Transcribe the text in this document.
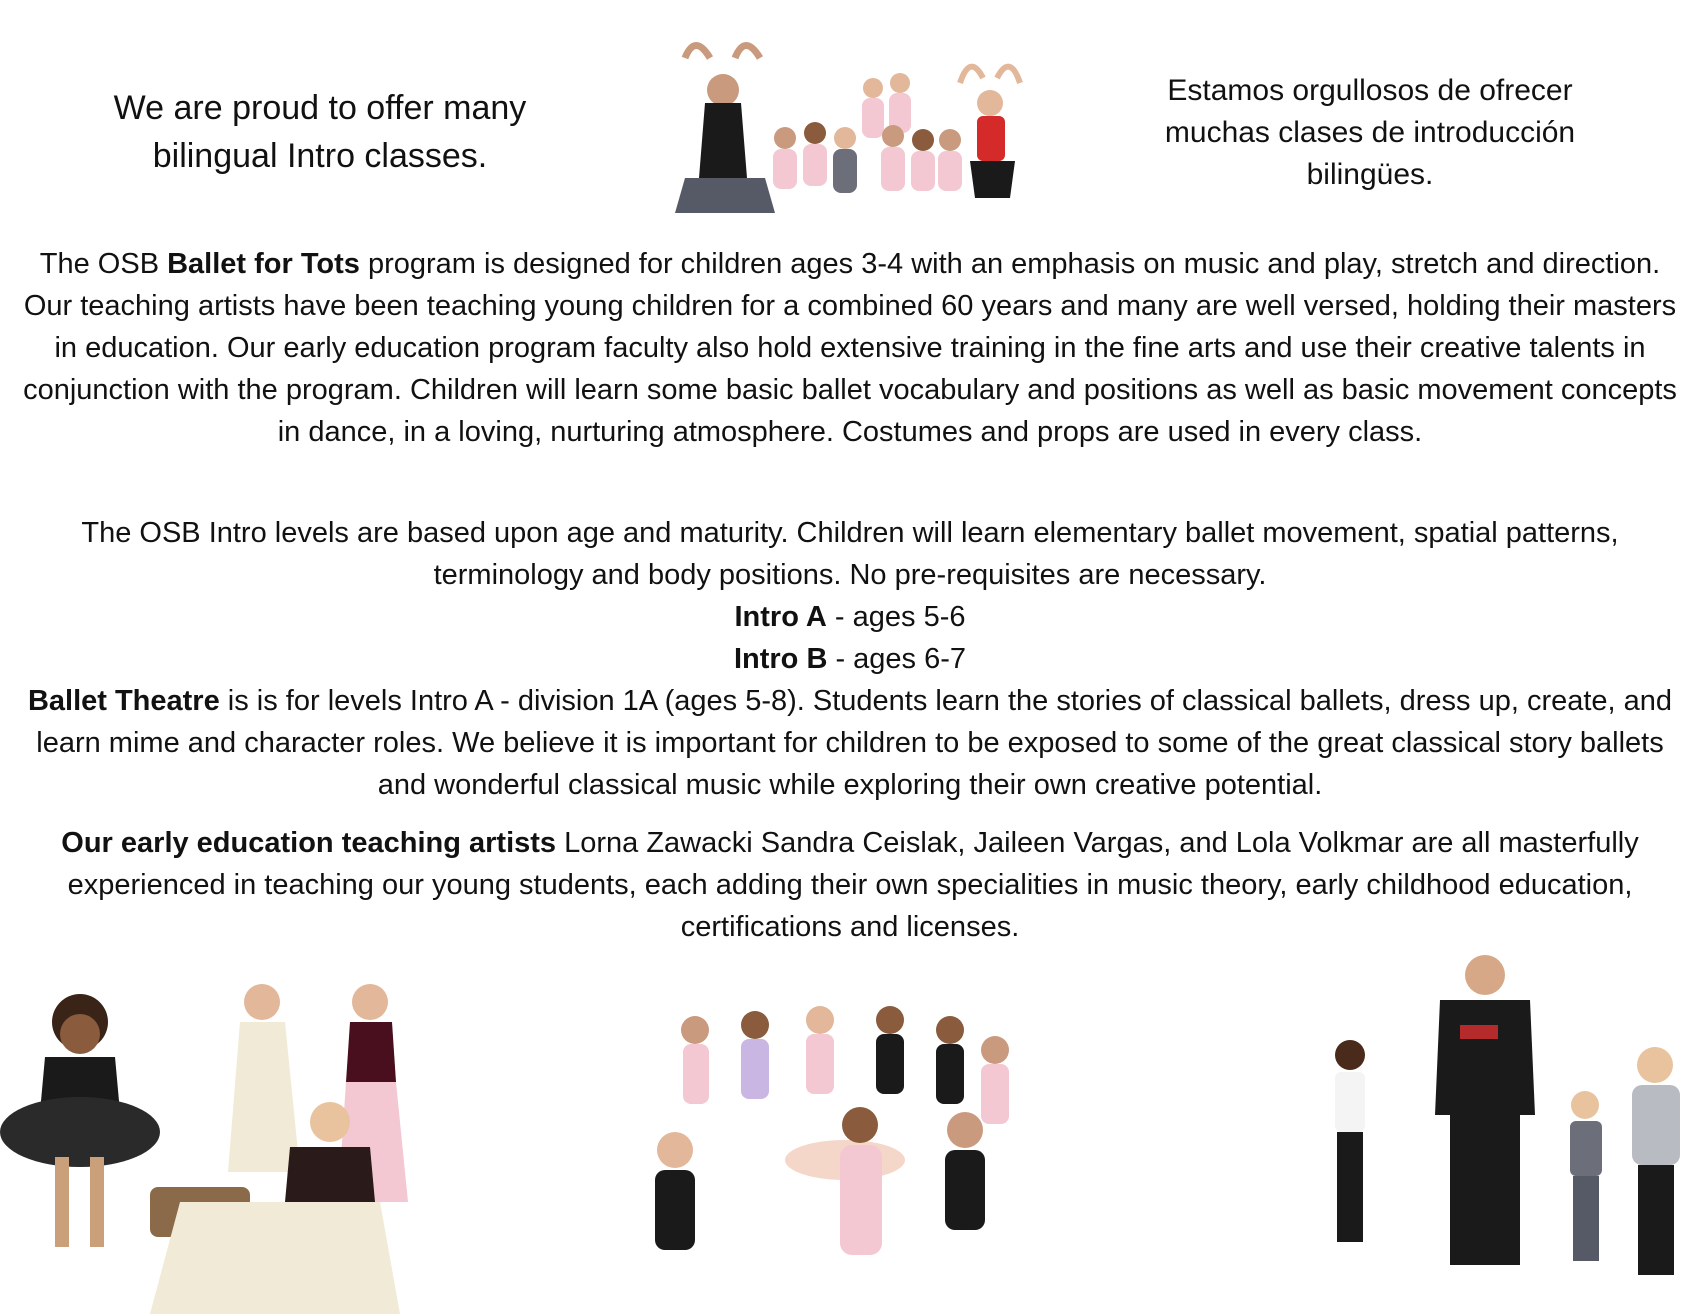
We are proud to offer many
bilingual Intro classes.
Estamos orgullosos de ofrecer
muchas clases de introducción
bilingües.

The OSB Ballet for Tots program is designed for children ages 3-4 with an emphasis on music and play, stretch and direction. Our teaching artists have been teaching young children for a combined 60 years and many are well versed, holding their masters in education. Our early education program faculty also hold extensive training in the fine arts and use their creative talents in conjunction with the program. Children will learn some basic ballet vocabulary and positions as well as basic movement concepts in dance, in a loving, nurturing atmosphere. Costumes and props are used in every class.

The OSB Intro levels are based upon age and maturity. Children will learn elementary ballet movement, spatial patterns, terminology and body positions. No pre-requisites are necessary.

Intro A - ages 5-6

Intro B - ages 6-7

Ballet Theatre is is for levels Intro A - division 1A (ages 5-8). Students learn the stories of classical ballets, dress up, create, and learn mime and character roles. We believe it is important for children to be exposed to some of the great classical story ballets and wonderful classical music while exploring their own creative potential.

Our early education teaching artists Lorna Zawacki Sandra Ceislak, Jaileen Vargas, and Lola Volkmar are all masterfully experienced in teaching our young students, each adding their own specialities in music theory, early childhood education, certifications and licenses.
